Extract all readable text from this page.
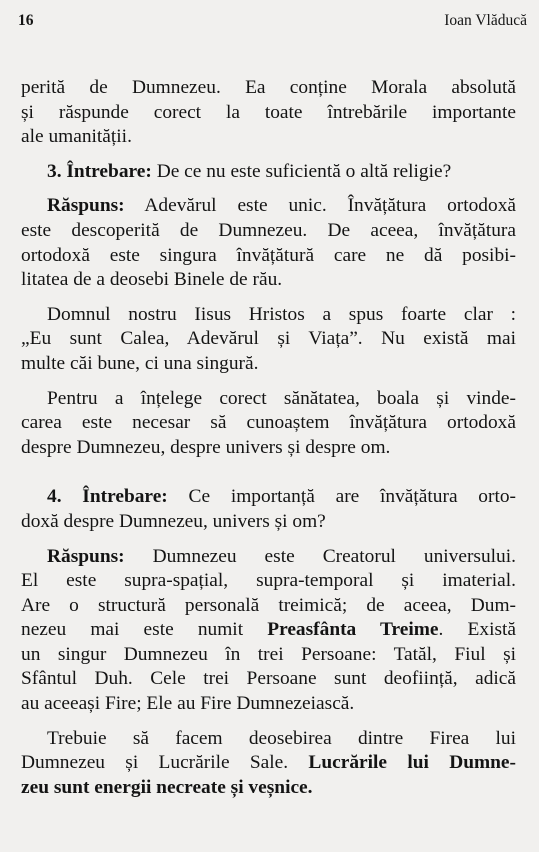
16	Ioan Vlăducă

perită de Dumnezeu. Ea conține Morala absolută

și răspunde corect la toate întrebările importante

ale umanității.

3. Întrebare: De ce nu este suficientă o altă religie?

Răspuns: Adevărul este unic. Învățătura ortodoxă

este descoperită de Dumnezeu. De aceea, învățătura

ortodoxă este singura învățătură care ne dă posibi-

litatea de a deosebi Binele de rău.

Domnul nostru Iisus Hristos a spus foarte clar :

„Eu sunt Calea, Adevărul și Viața”. Nu există mai

multe căi bune, ci una singură.

Pentru a înțelege corect sănătatea, boala și vinde-

carea este necesar să cunoaștem învățătura ortodoxă

despre Dumnezeu, despre univers și despre om.

4. Întrebare: Ce importanță are învățătura orto-

doxă despre Dumnezeu, univers și om?

Răspuns: Dumnezeu este Creatorul universului.

El este supra-spațial, supra-temporal și imaterial.

Are o structură personală treimică; de aceea, Dum-

nezeu mai este numit Preasfânta Treime. Există

un singur Dumnezeu în trei Persoane: Tatăl, Fiul și

Sfântul Duh. Cele trei Persoane sunt deoființă, adică

au aceeași Fire; Ele au Fire Dumnezeiască.

Trebuie să facem deosebirea dintre Firea lui

Dumnezeu și Lucrările Sale. Lucrările lui Dumne-

zeu sunt energii necreate și veșnice.
